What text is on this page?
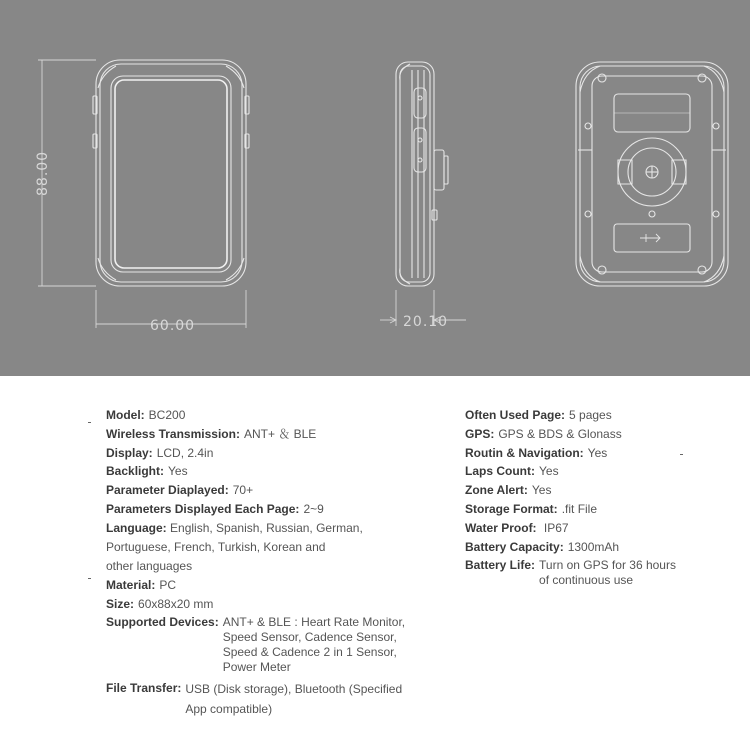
88.00
60.00	20.10
Model: BC200
Wireless Transmission: ANT+ ＆ BLE
Display: LCD, 2.4in
Backlight: Yes
Parameter Diaplayed: 70+
Parameters Displayed Each Page: 2~9
Language: English, Spanish, Russian, German,
Portuguese, French, Turkish, Korean and
other languages
Material: PC
Size: 60x88x20 mm
Supported Devices: ANT+ & BLE : Heart Rate Monitor,
Speed Sensor, Cadence Sensor,
Speed & Cadence 2 in 1 Sensor,
Power Meter
File Transfer: USB (Disk storage), Bluetooth (Specified
App compatible)
Often Used Page: 5 pages
GPS: GPS & BDS & Glonass
Routin & Navigation: Yes
Laps Count: Yes
Zone Alert: Yes
Storage Format: .fit File
Water Proof: IP67
Battery Capacity: 1300mAh
Battery Life: Turn on GPS for 36 hours
of continuous use
